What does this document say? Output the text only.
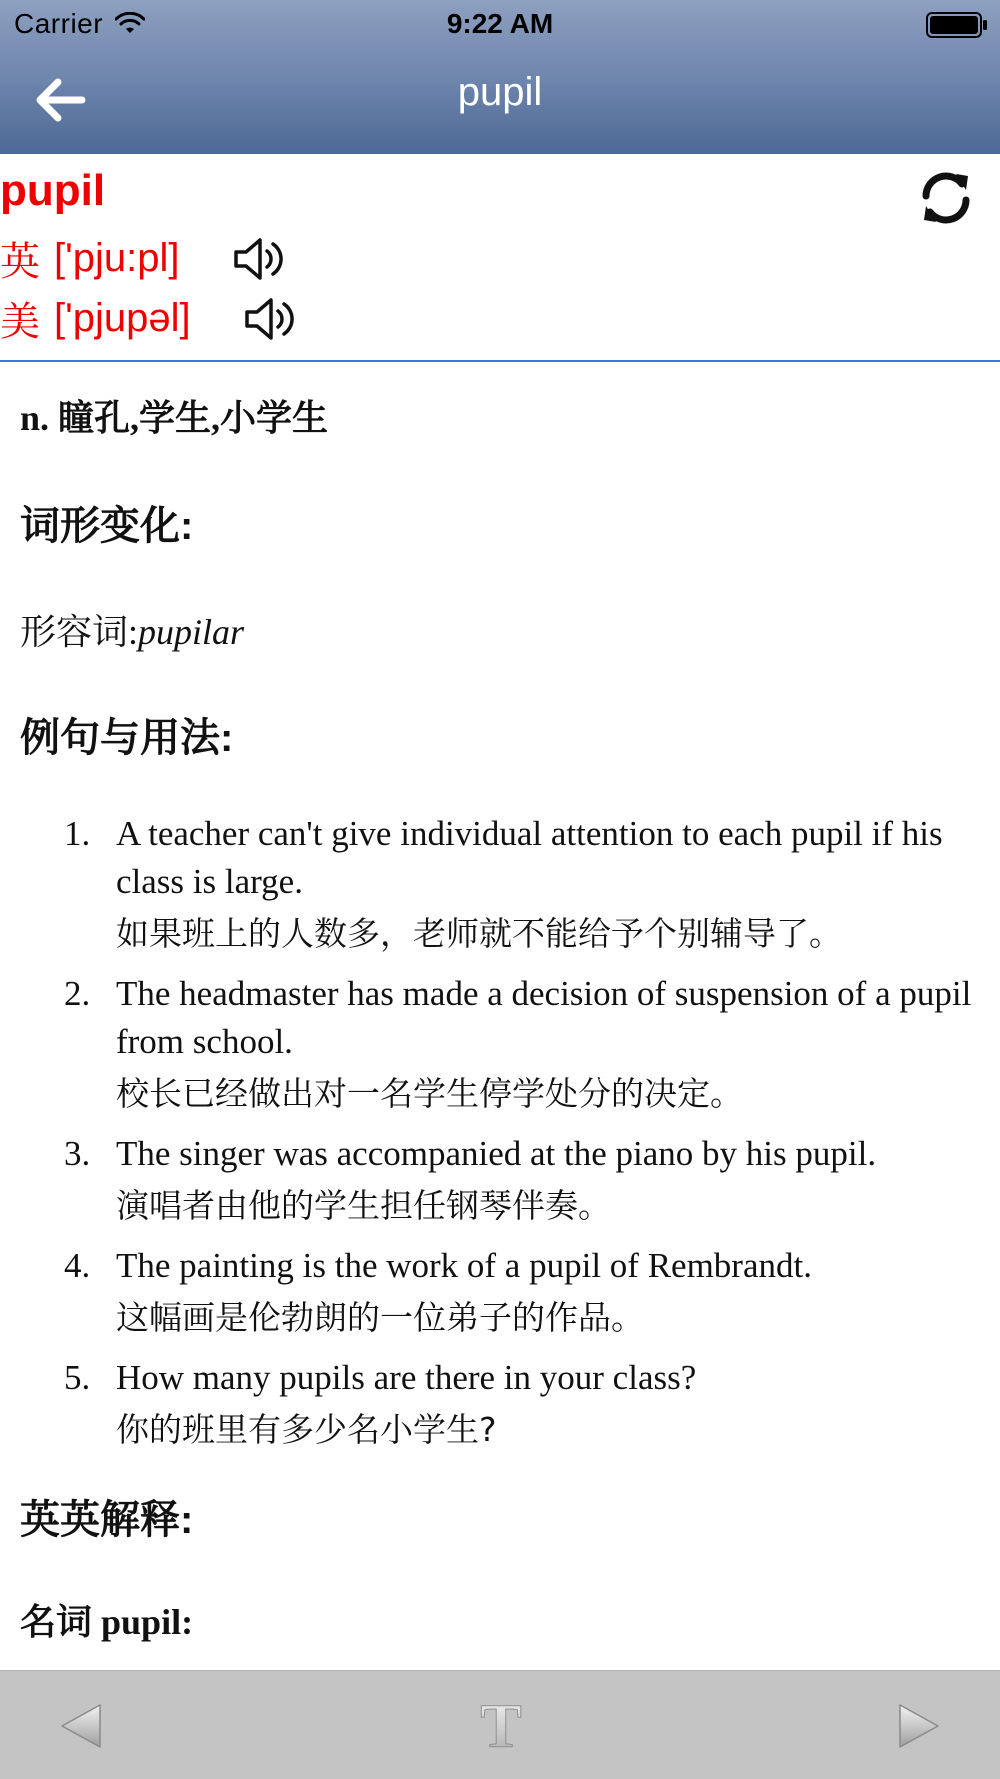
Carrier	9:22 AM
pupil
pupil
英 ['pju:pl]
美 ['pjupəl]
n. 瞳孔,学生,小学生
词形变化:
形容词:pupilar
例句与用法:
1. A teacher can't give individual attention to each pupil if his class is large.
如果班上的人数多，老师就不能给予个别辅导了。
2. The headmaster has made a decision of suspension of a pupil from school.
校长已经做出对一名学生停学处分的决定。
3. The singer was accompanied at the piano by his pupil.
演唱者由他的学生担任钢琴伴奏。
4. The painting is the work of a pupil of Rembrandt.
这幅画是伦勃朗的一位弟子的作品。
5. How many pupils are there in your class?
你的班里有多少名小学生?
英英解释:
名词 pupil:
T
